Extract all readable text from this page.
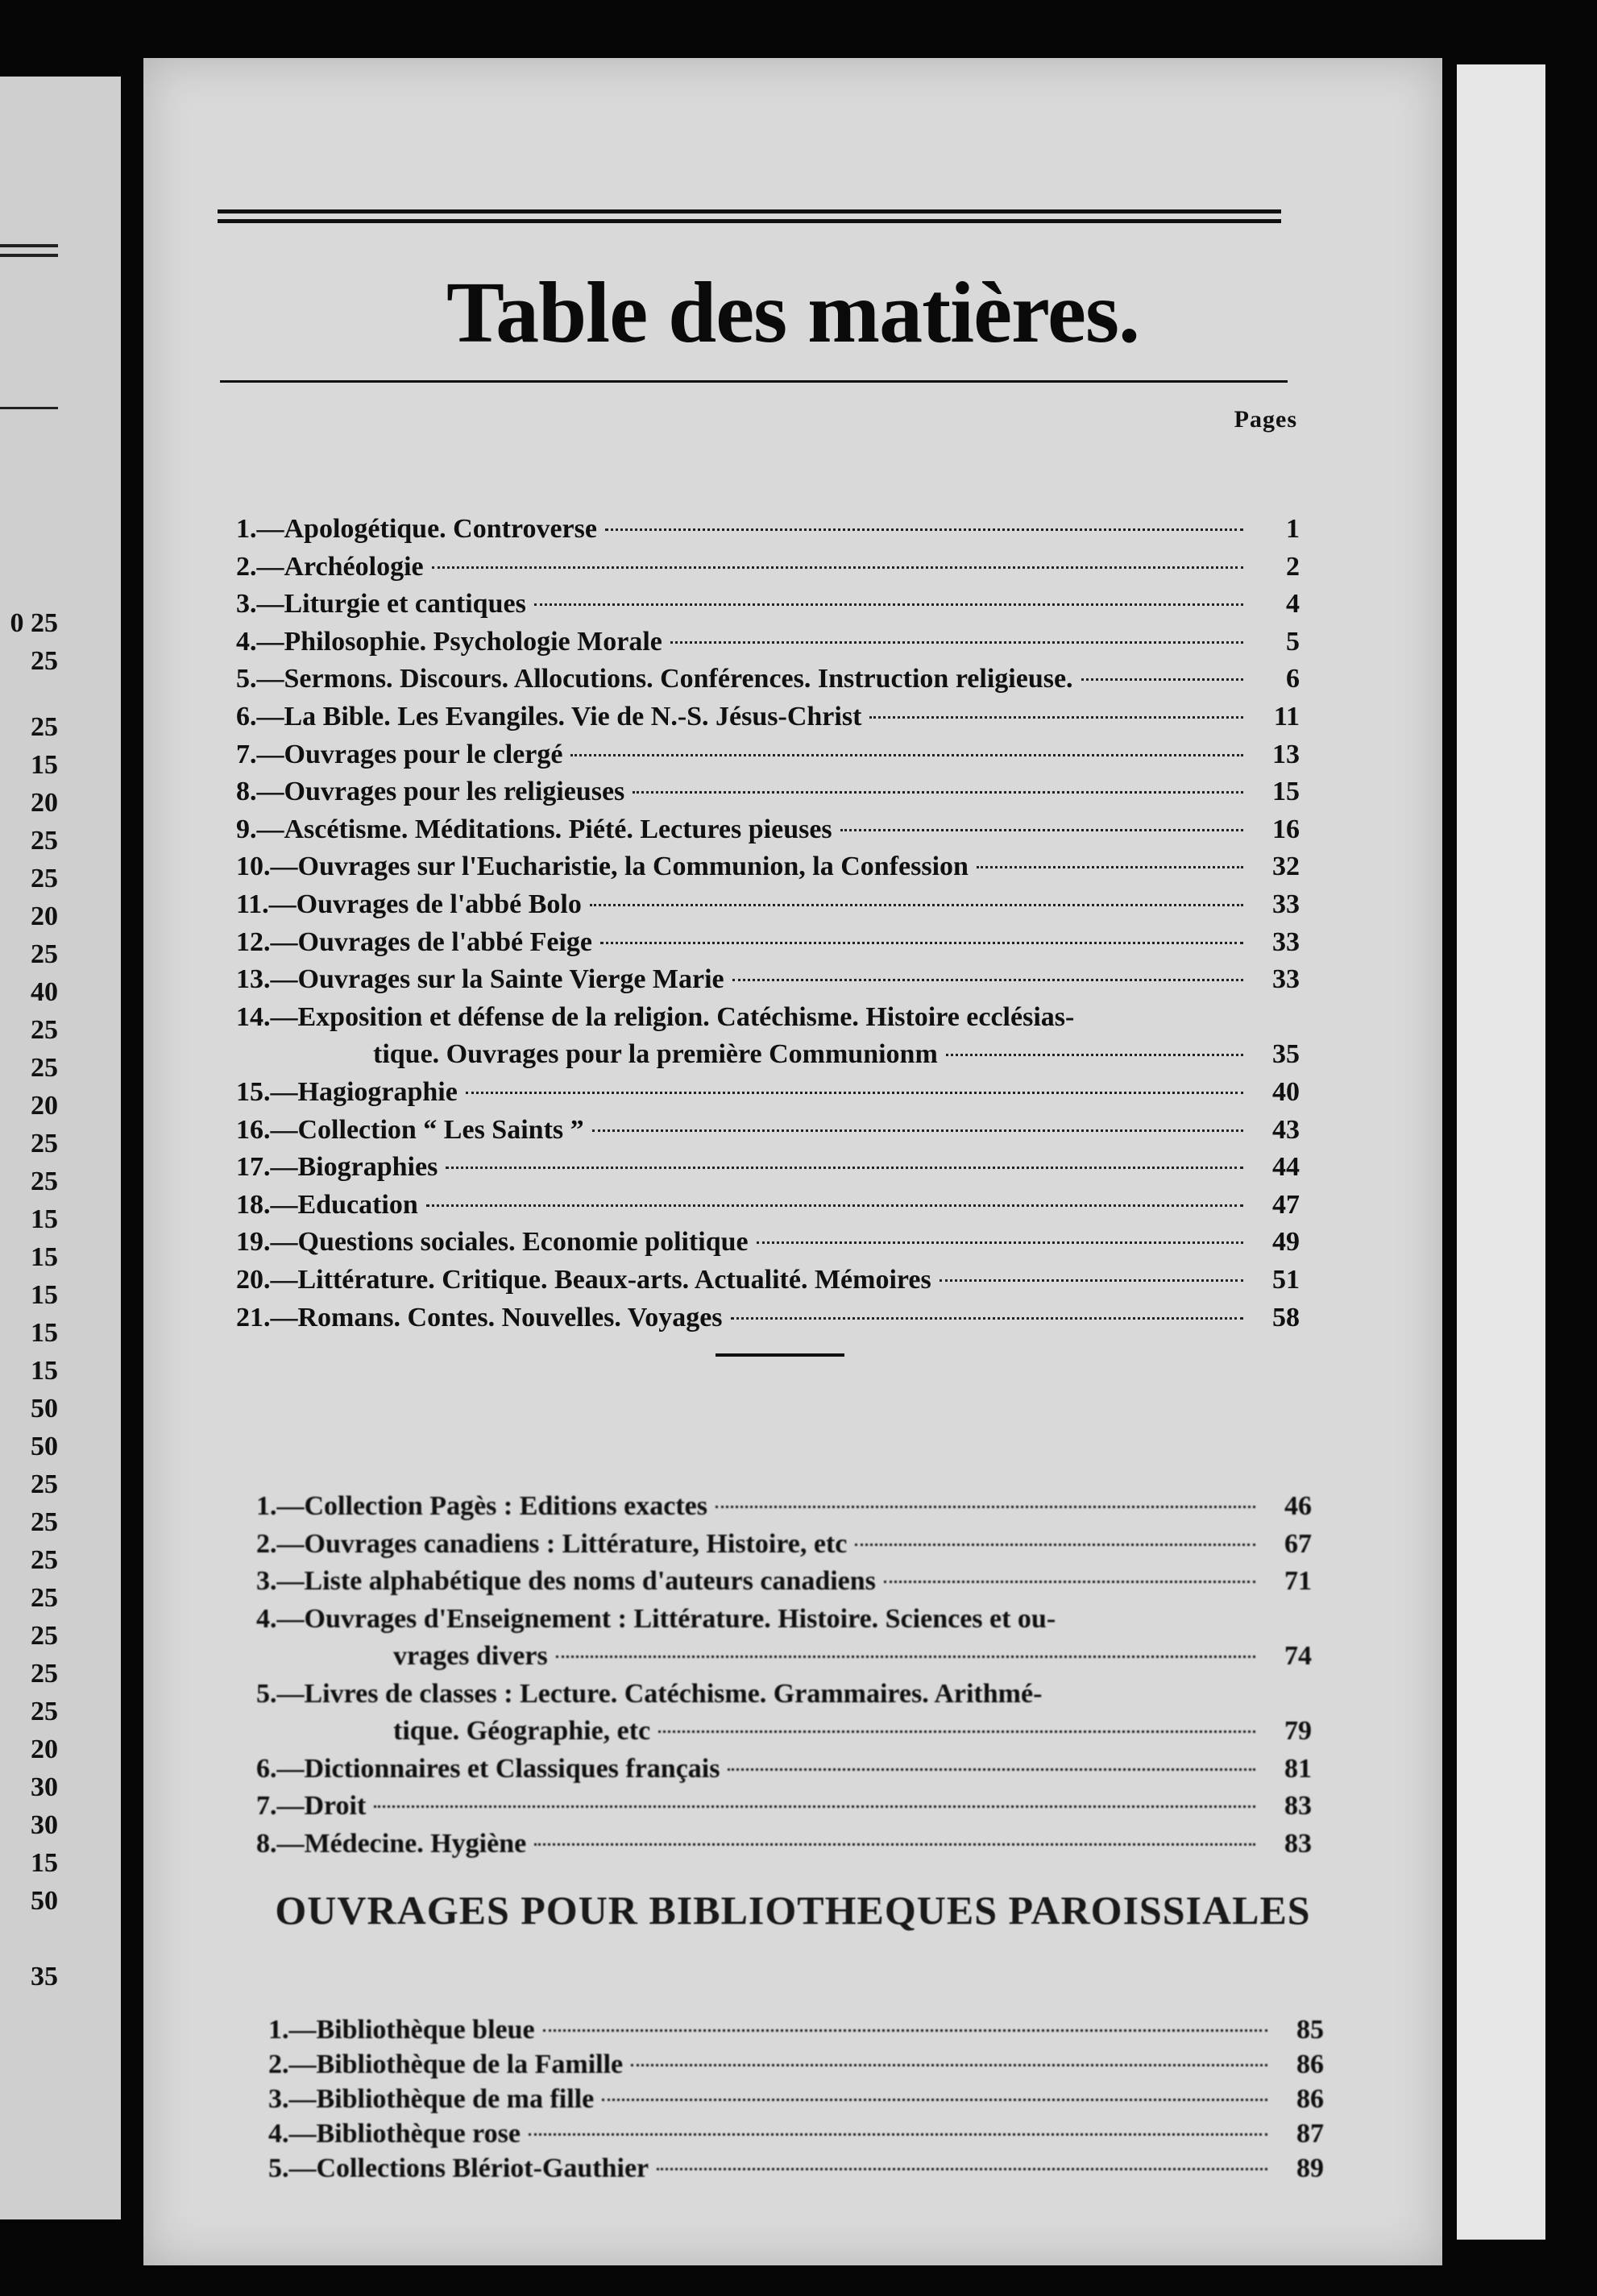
0 25
25
25
15
20
25
25
20
25
40
25
25
20
25
25
15
15
15
15
15
50
50
25
25
25
25
25
25
25
20
30
30
15
50
35
Table des matières.
Pages
1.— Apologétique. Controverse	1
2.— Archéologie	2
3.— Liturgie et cantiques	4
4.— Philosophie. Psychologie Morale	5
5.— Sermons. Discours. Allocutions. Conférences. Instruction religieuse.	6
6.— La Bible. Les Evangiles. Vie de N.-S. Jésus-Christ	11
7.— Ouvrages pour le clergé	13
8.— Ouvrages pour les religieuses	15
9.— Ascétisme. Méditations. Piété. Lectures pieuses	16
10.— Ouvrages sur l'Eucharistie, la Communion, la Confession	32
11.— Ouvrages de l'abbé Bolo	33
12.— Ouvrages de l'abbé Feige	33
13.— Ouvrages sur la Sainte Vierge Marie	33
14.— Exposition et défense de la religion. Catéchisme. Histoire ecclésias-
tique. Ouvrages pour la première Communionm	35
15.— Hagiographie	40
16.— Collection “ Les Saints ”	43
17.— Biographies	44
18.— Education	47
19.— Questions sociales. Economie politique	49
20.— Littérature. Critique. Beaux-arts. Actualité. Mémoires	51
21.— Romans. Contes. Nouvelles. Voyages	58
1.— Collection Pagès : Editions exactes	46
2.— Ouvrages canadiens : Littérature, Histoire, etc	67
3.— Liste alphabétique des noms d'auteurs canadiens	71
4.— Ouvrages d'Enseignement : Littérature. Histoire. Sciences et ou-
vrages divers	74
5.— Livres de classes : Lecture. Catéchisme. Grammaires. Arithmé-
tique. Géographie, etc	79
6.— Dictionnaires et Classiques français	81
7.— Droit	83
8.— Médecine. Hygiène	83
OUVRAGES POUR BIBLIOTHEQUES PAROISSIALES
1.— Bibliothèque bleue	85
2.— Bibliothèque de la Famille	86
3.— Bibliothèque de ma fille	86
4.— Bibliothèque rose	87
5.— Collections Blériot-Gauthier	89
